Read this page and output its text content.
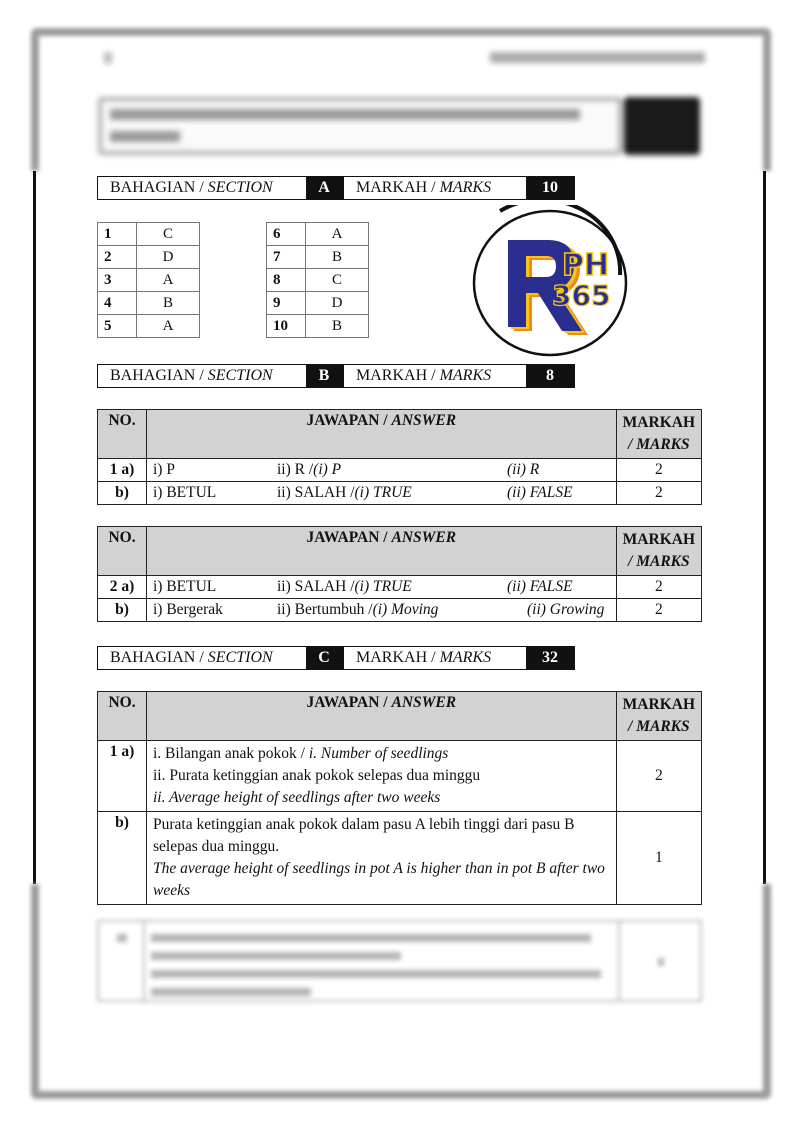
BAHAGIAN /
SECTION	A	MARKAH /
MARKS	10
1	C
2	D
3	A
4	B
5	A
6	A
7	B
8	C
9	D
10	B
PH
365
BAHAGIAN /
SECTION	B	MARKAH /
MARKS	8
NO.	JAWAPAN / ANSWER	MARKAH
/ MARKS
1 a)	i) P ii) R /(i) P (ii) R	2
b)	i) BETUL ii) SALAH /(i) TRUE (ii) FALSE	2
NO.	JAWAPAN / ANSWER	MARKAH
/ MARKS
2 a)	i) BETUL ii) SALAH /(i) TRUE (ii) FALSE	2
b)	i) Bergerak ii) Bertumbuh /(i) Moving (ii) Growing	2
BAHAGIAN /
SECTION	C	MARKAH /
MARKS	32
NO.	JAWAPAN / ANSWER	MARKAH
/ MARKS
1 a)	i. Bilangan anak pokok / i. Number of seedlings
ii. Purata ketinggian anak pokok selepas dua minggu
ii. Average height of seedlings after two weeks	2
b)	Purata ketinggian anak pokok dalam pasu A lebih tinggi dari pasu B selepas dua minggu.
The average height of seedlings in pot A is higher than in pot B after two weeks	1
